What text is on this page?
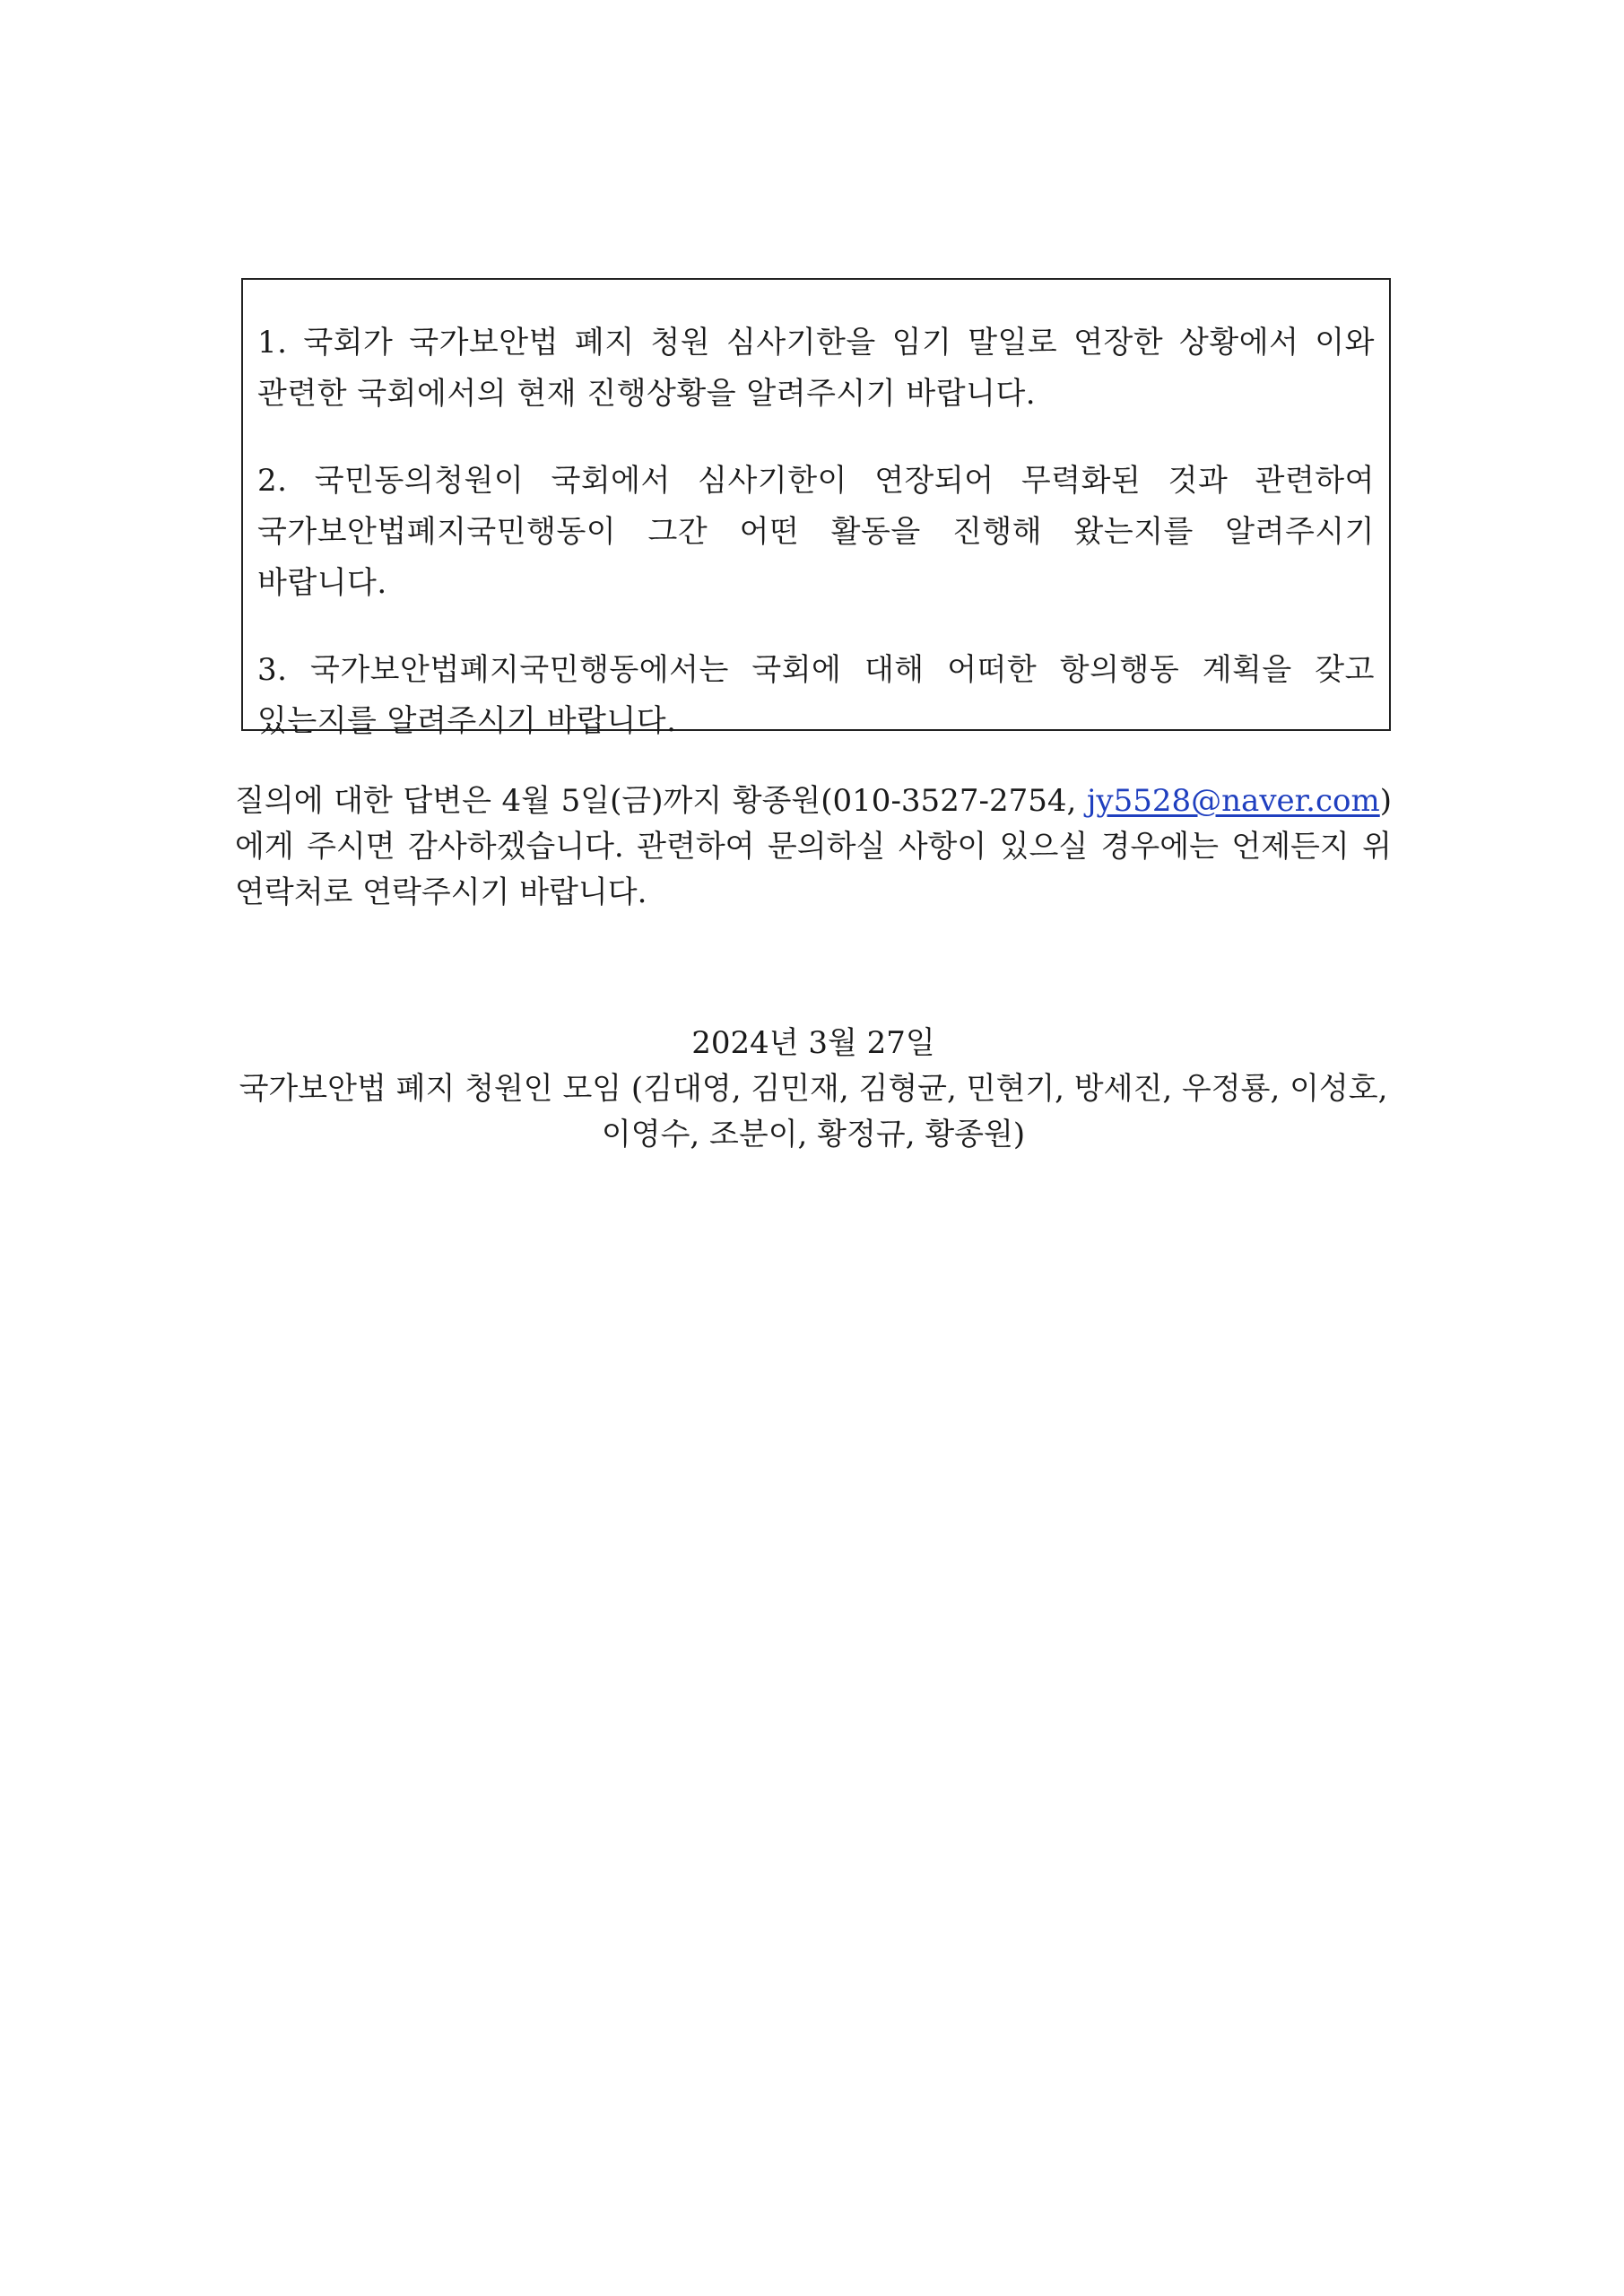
1. 국회가 국가보안법 폐지 청원 심사기한을 임기 말일로 연장한 상황에서 이와 관련한 국회에서의 현재 진행상황을 알려주시기 바랍니다.

2. 국민동의청원이 국회에서 심사기한이 연장되어 무력화된 것과 관련하여 국가보안법폐지국민행동이 그간 어떤 활동을 진행해 왔는지를 알려주시기 바랍니다.

3. 국가보안법폐지국민행동에서는 국회에 대해 어떠한 항의행동 계획을 갖고 있는지를 알려주시기 바랍니다.

질의에 대한 답변은 4월 5일(금)까지 황종원(010-3527-2754, jy5528@naver.com)에게 주시면 감사하겠습니다. 관련하여 문의하실 사항이 있으실 경우에는 언제든지 위 연락처로 연락주시기 바랍니다.

2024년 3월 27일
국가보안법 폐지 청원인 모임 (김대영, 김민재, 김형균, 민현기, 방세진, 우정룡, 이성호,
이영수, 조분이, 황정규, 황종원)
